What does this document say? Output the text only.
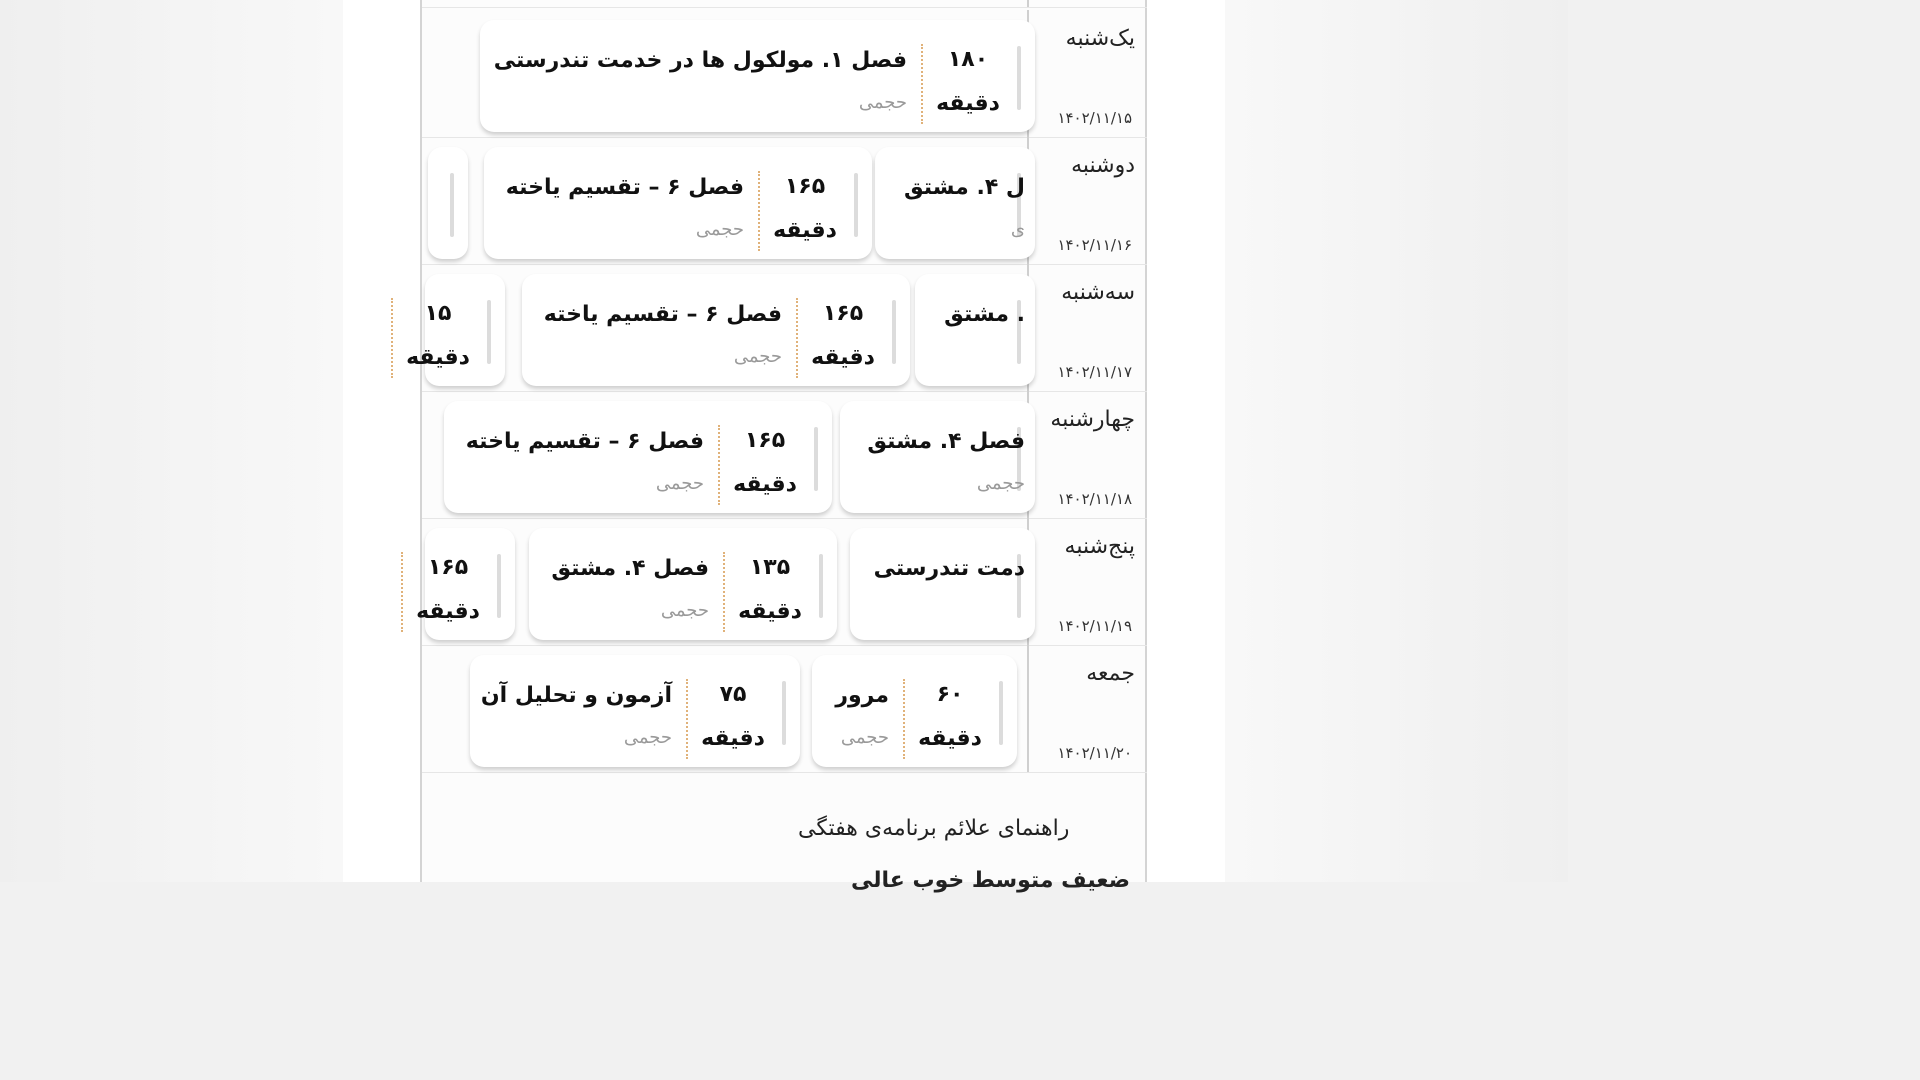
یک‌شنبه
۱۴۰۲/۱۱/۱۵
۱۸۰
دقیقه
فصل ۱. مولکول ها در خدمت تندرستی
حجمی
دوشنبه
۱۴۰۲/۱۱/۱۶
ل ۴. مشتق
ی
۱۶۵
دقیقه
فصل ۶ – تقسیم یاخته
حجمی
سه‌شنبه
۱۴۰۲/۱۱/۱۷
. مشتق
۱۶۵
دقیقه
فصل ۶ – تقسیم یاخته
حجمی
۱۵
دقیقه
چهارشنبه
۱۴۰۲/۱۱/۱۸
فصل ۴. مشتق
حجمی
۱۶۵
دقیقه
فصل ۶ – تقسیم یاخته
حجمی
پنج‌شنبه
۱۴۰۲/۱۱/۱۹
دمت تندرستی
۱۳۵
دقیقه
فصل ۴. مشتق
حجمی
۱۶۵
دقیقه
جمعه
۱۴۰۲/۱۱/۲۰
۶۰
دقیقه
مرور
حجمی
۷۵
دقیقه
آزمون و تحلیل آن
حجمی
راهنمای علائم برنامه‌ی هفتگی
ضعیف متوسط خوب عالی
